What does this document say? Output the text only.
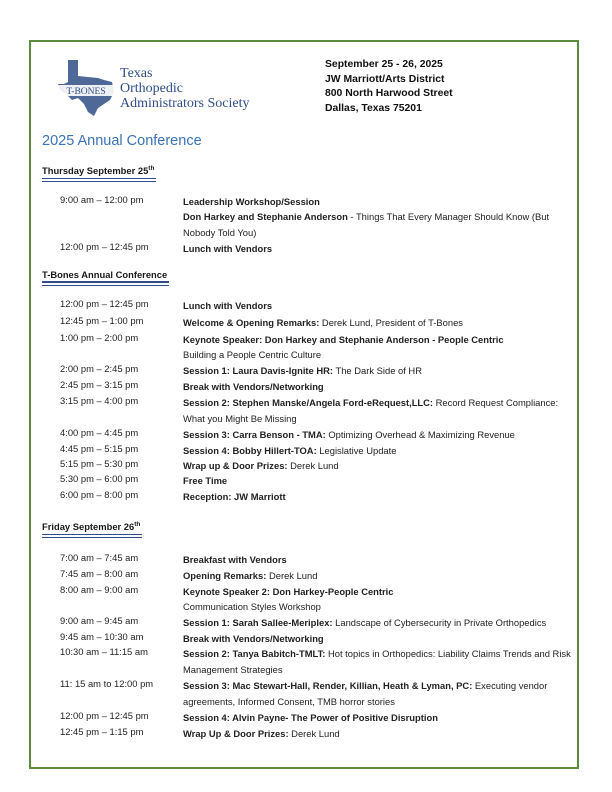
T-BONES
Texas
Orthopedic
Administrators Society
September 25 - 26, 2025
JW Marriott/Arts District
800 North Harwood Street
Dallas, Texas 75201
2025 Annual Conference
Thursday September 25th
T-Bones Annual Conference
Friday September 26th
9:00 am – 12:00 pm	Leadership Workshop/Session
Don Harkey and Stephanie Anderson - Things That Every Manager Should Know (But Nobody Told You)
12:00 pm – 12:45 pm	Lunch with Vendors
12:00 pm – 12:45 pm	Lunch with Vendors
12:45 pm – 1:00 pm	Welcome & Opening Remarks: Derek Lund, President of T-Bones
1:00 pm – 2:00 pm	Keynote Speaker: Don Harkey and Stephanie Anderson - People Centric
Building a People Centric Culture
2:00 pm – 2:45 pm	Session 1: Laura Davis-Ignite HR: The Dark Side of HR
2:45 pm – 3:15 pm	Break with Vendors/Networking
3:15 pm – 4:00 pm	Session 2: Stephen Manske/Angela Ford-eRequest,LLC: Record Request Compliance: What you Might Be Missing
4:00 pm – 4:45 pm	Session 3: Carra Benson - TMA: Optimizing Overhead & Maximizing Revenue
4:45 pm – 5:15 pm	Session 4: Bobby Hillert-TOA: Legislative Update
5:15 pm – 5:30 pm	Wrap up & Door Prizes: Derek Lund
5:30 pm – 6:00 pm	Free Time
6:00 pm – 8:00 pm	Reception: JW Marriott
7:00 am – 7:45 am	Breakfast with Vendors
7:45 am – 8:00 am	Opening Remarks: Derek Lund
8:00 am – 9:00 am	Keynote Speaker 2: Don Harkey-People Centric
Communication Styles Workshop
9:00 am – 9:45 am	Session 1: Sarah Sallee-Meriplex: Landscape of Cybersecurity in Private Orthopedics
9:45 am – 10:30 am	Break with Vendors/Networking
10:30 am – 11:15 am	Session 2: Tanya Babitch-TMLT: Hot topics in Orthopedics: Liability Claims Trends and Risk Management Strategies
11: 15 am to 12:00 pm	Session 3: Mac Stewart-Hall, Render, Killian, Heath & Lyman, PC: Executing vendor agreements, Informed Consent, TMB horror stories
12:00 pm – 12:45 pm	Session 4: Alvin Payne- The Power of Positive Disruption
12:45 pm – 1:15 pm	Wrap Up & Door Prizes: Derek Lund
